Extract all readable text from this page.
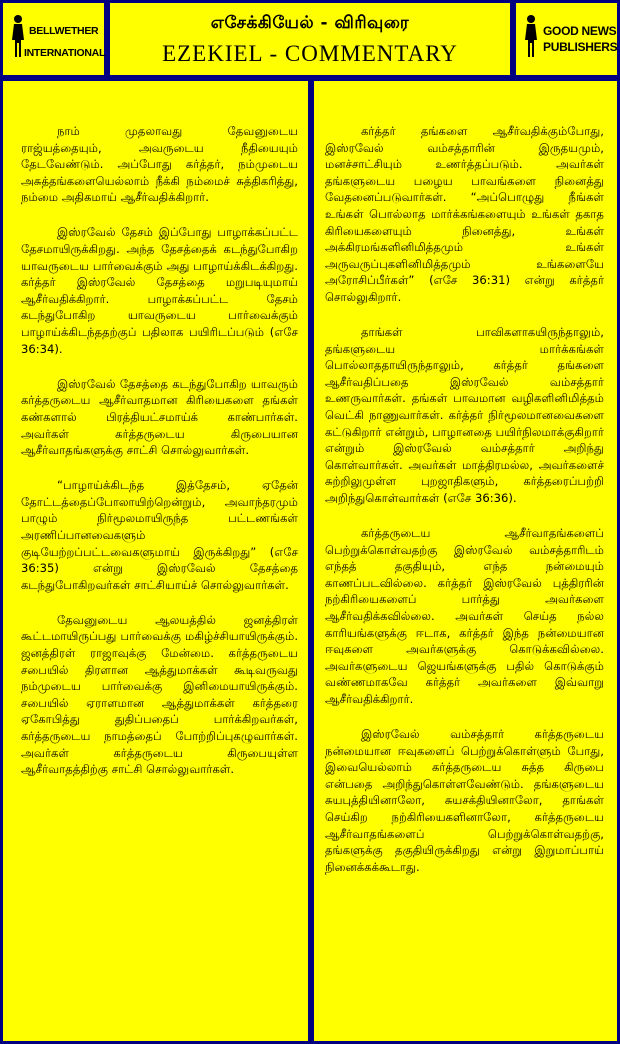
BELLWETHER
INTERNATIONAL
எசேக்கியேல் - விரிவுரை
EZEKIEL - COMMENTARY
GOOD NEWS
PUBLISHERS

நாம் முதலாவது தேவனுடைய ராஜ்யத்தையும், அவருடைய நீதியையும் தேடவேண்டும். அப்போது கர்த்தர், நம்முடைய அசுத்தங்களையெல்லாம் நீக்கி நம்மைச் சுத்திகரித்து, நம்மை அதிகமாய் ஆசீர்வதிக்கிறார்.

இஸ்ரவேல் தேசம் இப்போது பாழாக்கப்பட்ட தேசமாயிருக்கிறது. அந்த தேசத்தைக் கடந்துபோகிற யாவருடைய பார்வைக்கும் அது பாழாய்க்கிடக்கிறது. கர்த்தர் இஸ்ரவேல் தேசத்தை மறுபடியுமாய் ஆசீர்வதிக்கிறார். பாழாக்கப்பட்ட தேசம் கடந்துபோகிற யாவருடைய பார்வைக்கும் பாழாய்க்கிடந்ததற்குப் பதிலாக பயிரிடப்படும் (எசே 36:34).

இஸ்ரவேல் தேசத்தை கடந்துபோகிற யாவரும் கர்த்தருடைய ஆசீர்வாதமான கிரியைகளை தங்கள் கண்களால் பிரத்தியட்சமாய்க் காண்பார்கள். அவர்கள் கர்த்தருடைய கிருபையான ஆசீர்வாதங்களுக்கு சாட்சி சொல்லுவார்கள்.

“பாழாய்க்கிடந்த இத்தேசம், ஏதேன் தோட்டத்தைப்போலாயிற்றென்றும், அவாந்தரமும் பாழும் நிர்மூலமாயிருந்த பட்டணங்கள் அரணிப்பானவைகளும் குடியேற்றப்பட்டவைகளுமாய் இருக்கிறது” (எசே 36:35) என்று இஸ்ரவேல் தேசத்தை கடந்துபோகிறவர்கள் சாட்சியாய்ச் சொல்லுவார்கள்.

தேவனுடைய ஆலயத்தில் ஜனத்திரள் கூட்டமாயிருப்பது பார்வைக்கு மகிழ்ச்சியாயிருக்கும். ஜனத்திரள் ராஜாவுக்கு மேன்மை. கர்த்தருடைய சபையில் திரளான ஆத்துமாக்கள் கூடிவருவது நம்முடைய பார்வைக்கு இனிமையாயிருக்கும். சபையில் ஏராளமான ஆத்துமாக்கள் கர்த்தரை ஏகோபித்து துதிப்பதைப் பார்க்கிறவர்கள், கர்த்தருடைய நாமத்தைப் போற்றிப்புகழுவார்கள். அவர்கள் கர்த்தருடைய கிருபையுள்ள ஆசீர்வாதத்திற்கு சாட்சி சொல்லுவார்கள்.

கர்த்தர் தங்களை ஆசீர்வதிக்கும்போது, இஸ்ரவேல் வம்சத்தாரின் இருதயமும், மனச்சாட்சியும் உணர்த்தப்படும். அவர்கள் தங்களுடைய பழைய பாவங்களை நினைத்து வேதனைப்படுவார்கள். “அப்பொழுது நீங்கள் உங்கள் பொல்லாத மார்க்கங்களையும் உங்கள் தகாத கிரியைகளையும் நினைத்து, உங்கள் அக்கிரமங்களினிமித்தமும் உங்கள் அருவருப்புகளினிமித்தமும் உங்களையே அரோசிப்பீர்கள்” (எசே 36:31) என்று கர்த்தர் சொல்லுகிறார்.

தாங்கள் பாவிகளாகயிருந்தாலும், தங்களுடைய மார்க்கங்கள் பொல்லாததாயிருந்தாலும், கர்த்தர் தங்களை ஆசீர்வதிப்பதை இஸ்ரவேல் வம்சத்தார் உணருவார்கள். தங்கள் பாவமான வழிகளினிமித்தம் வெட்கி நாணுவார்கள். கர்த்தர் நிர்மூலமானவைகளை கட்டுகிறார் என்றும், பாழானதை பயிர்நிலமாக்குகிறார் என்றும் இஸ்ரவேல் வம்சத்தார் அறிந்து கொள்வார்கள். அவர்கள் மாத்திரமல்ல, அவர்களைச் சுற்றிலுமுள்ள புறஜாதிகளும், கர்த்தரைப்பற்றி அறிந்துகொள்வார்கள் (எசே 36:36).

கர்த்தருடைய ஆசீர்வாதங்களைப் பெற்றுக்கொள்வதற்கு இஸ்ரவேல் வம்சத்தாரிடம் எந்தத் தகுதியும், எந்த நன்மையும் காணப்படவில்லை. கர்த்தர் இஸ்ரவேல் புத்திரரின் நற்கிரியைகளைப் பார்த்து அவர்களை ஆசீர்வதிக்கவில்லை. அவர்கள் செய்த நல்ல காரியங்களுக்கு ஈடாக, கர்த்தர் இந்த நன்மையான ஈவுகளை அவர்களுக்கு கொடுக்கவில்லை. அவர்களுடைய ஜெயங்களுக்கு பதில் கொடுக்கும் வண்ணமாகவே கர்த்தர் அவர்களை இவ்வாறு ஆசீர்வதிக்கிறார்.

இஸ்ரவேல் வம்சத்தார் கர்த்தருடைய நன்மையான ஈவுகளைப் பெற்றுக்கொள்ளும் போது, இவையெல்லாம் கர்த்தருடைய சுத்த கிருபை என்பதை அறிந்துகொள்ளவேண்டும். தங்களுடைய சுயபுத்தியினாலோ, சுயசக்தியினாலோ, தாங்கள் செய்கிற நற்கிரியைகளினாலோ, கர்த்தருடைய ஆசீர்வாதங்களைப் பெற்றுக்கொள்வதற்கு, தங்களுக்கு தகுதியிருக்கிறது என்று இறுமாப்பாய் நினைக்கக்கூடாது.
